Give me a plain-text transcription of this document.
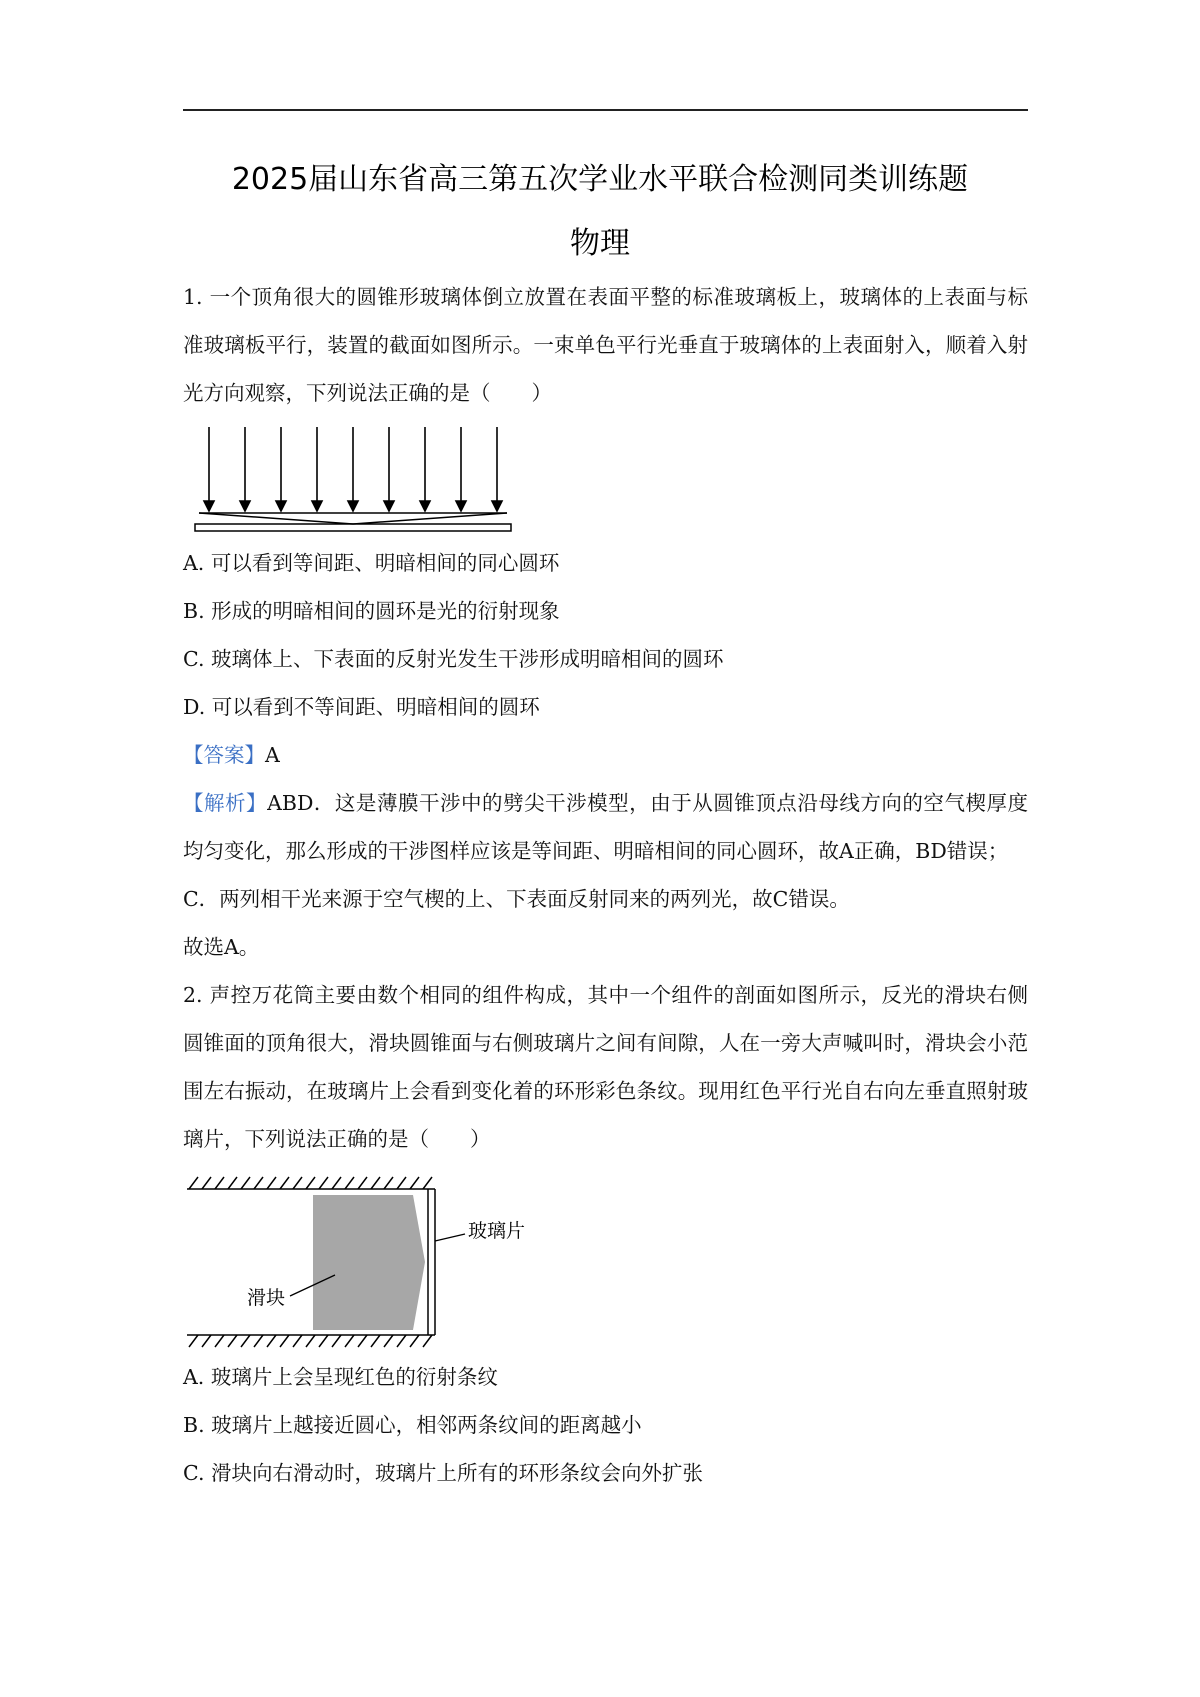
2025届山东省高三第五次学业水平联合检测同类训练题
物理

1. 一个顶角很大的圆锥形玻璃体倒立放置在表面平整的标准玻璃板上，玻璃体的上表面与标准玻璃板平行，装置的截面如图所示。一束单色平行光垂直于玻璃体的上表面射入，顺着入射光方向观察，下列说法正确的是（　　）

A. 可以看到等间距、明暗相间的同心圆环

B. 形成的明暗相间的圆环是光的衍射现象

C. 玻璃体上、下表面的反射光发生干涉形成明暗相间的圆环

D. 可以看到不等间距、明暗相间的圆环

【答案】A

【解析】ABD．这是薄膜干涉中的劈尖干涉模型，由于从圆锥顶点沿母线方向的空气楔厚度均匀变化，那么形成的干涉图样应该是等间距、明暗相间的同心圆环，故A正确，BD错误；

C．两列相干光来源于空气楔的上、下表面反射同来的两列光，故C错误。

故选A。

2. 声控万花筒主要由数个相同的组件构成，其中一个组件的剖面如图所示，反光的滑块右侧圆锥面的顶角很大，滑块圆锥面与右侧玻璃片之间有间隙，人在一旁大声喊叫时，滑块会小范围左右振动，在玻璃片上会看到变化着的环形彩色条纹。现用红色平行光自右向左垂直照射玻璃片，下列说法正确的是（　　）

玻璃片
滑块

A. 玻璃片上会呈现红色的衍射条纹

B. 玻璃片上越接近圆心，相邻两条纹间的距离越小

C. 滑块向右滑动时，玻璃片上所有的环形条纹会向外扩张
